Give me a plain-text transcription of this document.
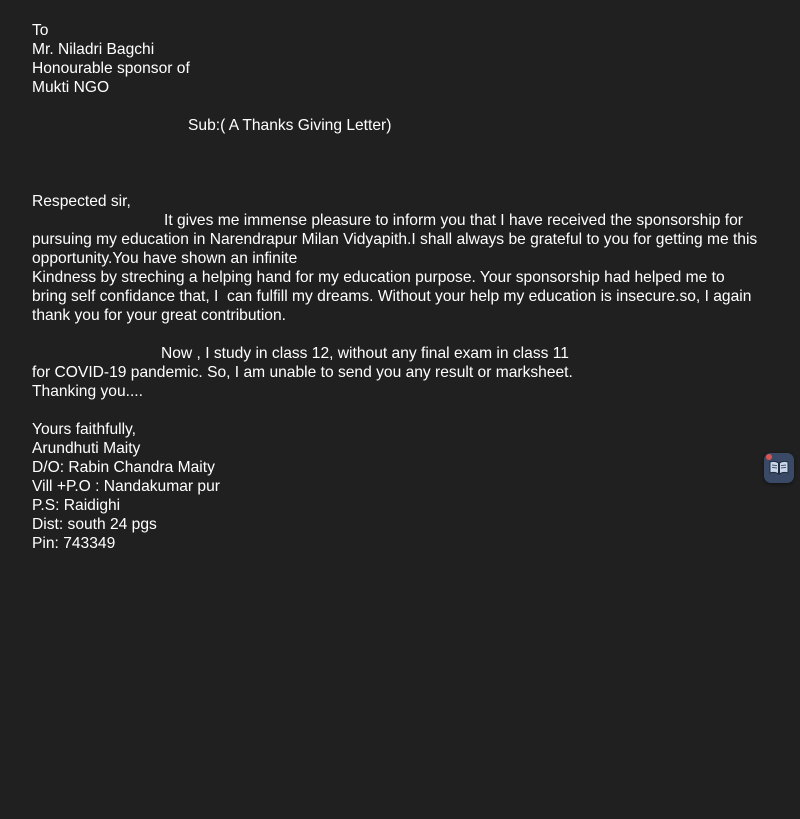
To
Mr. Niladri Bagchi
Honourable sponsor of
Mukti NGO
Sub:( A Thanks Giving Letter)
Respected sir,
It gives me immense pleasure to inform you that I have received the sponsorship for
pursuing my education in Narendrapur Milan Vidyapith.I shall always be grateful to you for getting me this
opportunity.You have shown an infinite
Kindness by streching a helping hand for my education purpose. Your sponsorship had helped me to
bring self confidance that, I  can fulfill my dreams. Without your help my education is insecure.so, I again
thank you for your great contribution.
Now , I study in class 12, without any final exam in class 11
for COVID-19 pandemic. So, I am unable to send you any result or marksheet.
Thanking you....
Yours faithfully,
Arundhuti Maity
D/O: Rabin Chandra Maity
Vill +P.O : Nandakumar pur
P.S: Raidighi
Dist: south 24 pgs
Pin: 743349
